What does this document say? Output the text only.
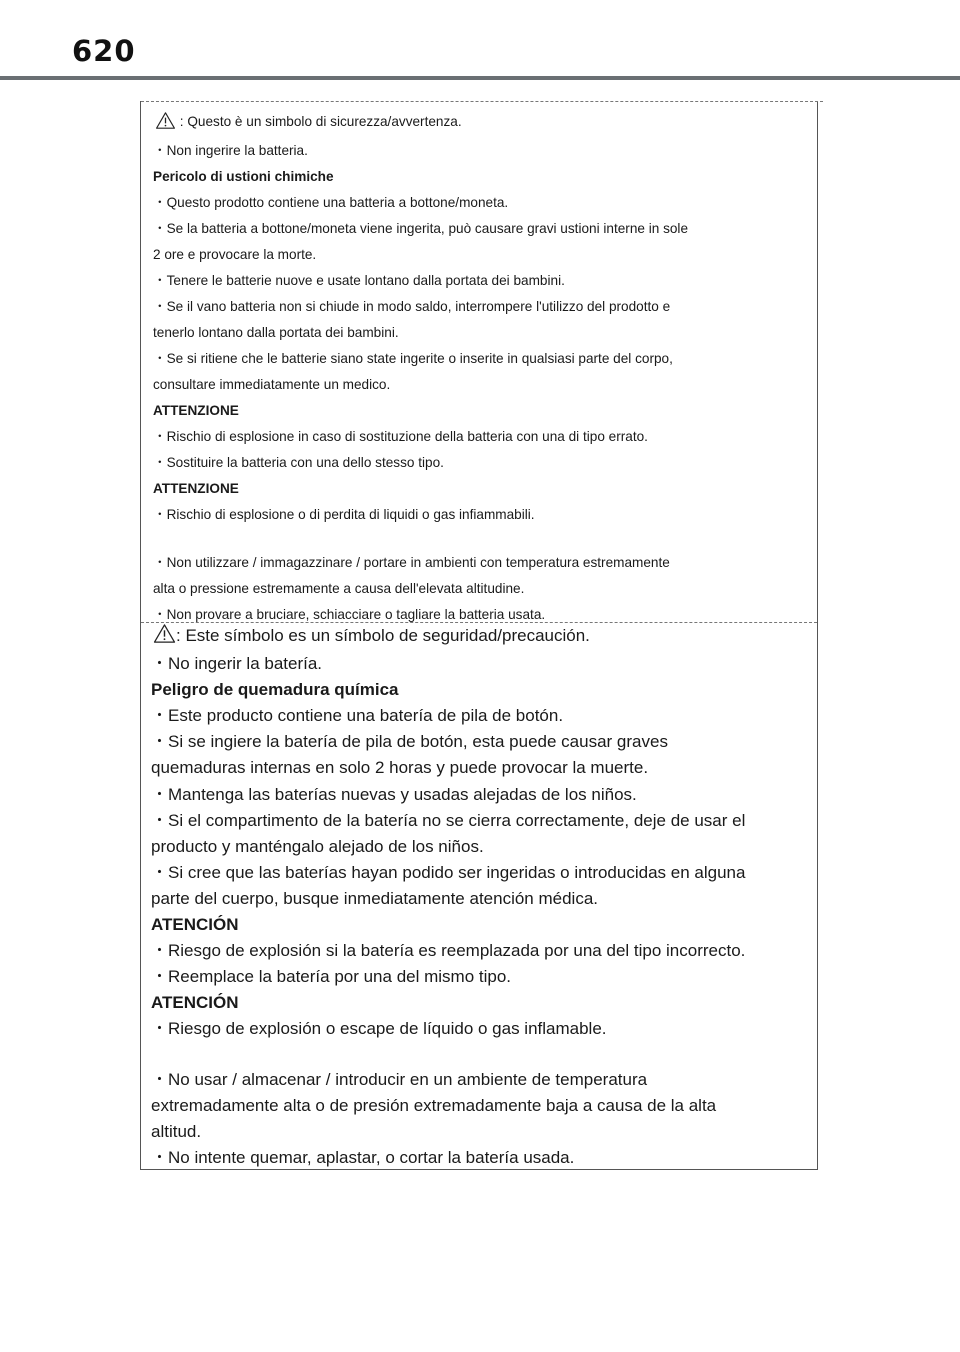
620
: Questo è un simbolo di sicurezza/avvertenza.
・Non ingerire la batteria.
Pericolo di ustioni chimiche
・Questo prodotto contiene una batteria a bottone/moneta.
・Se la batteria a bottone/moneta viene ingerita, può causare gravi ustioni interne in sole
2 ore e provocare la morte.
・Tenere le batterie nuove e usate lontano dalla portata dei bambini.
・Se il vano batteria non si chiude in modo saldo, interrompere l'utilizzo del prodotto e
tenerlo lontano dalla portata dei bambini.
・Se si ritiene che le batterie siano state ingerite o inserite in qualsiasi parte del corpo,
consultare immediatamente un medico.
ATTENZIONE
・Rischio di esplosione in caso di sostituzione della batteria con una di tipo errato.
・Sostituire la batteria con una dello stesso tipo.
ATTENZIONE
・Rischio di esplosione o di perdita di liquidi o gas infiammabili.
・Non utilizzare / immagazzinare / portare in ambienti con temperatura estremamente
alta o pressione estremamente a causa dell'elevata altitudine.
・Non provare a bruciare, schiacciare o tagliare la batteria usata.
: Este símbolo es un símbolo de seguridad/precaución.
・No ingerir la batería.
Peligro de quemadura química
・Este producto contiene una batería de pila de botón.
・Si se ingiere la batería de pila de botón, esta puede causar graves
quemaduras internas en solo 2 horas y puede provocar la muerte.
・Mantenga las baterías nuevas y usadas alejadas de los niños.
・Si el compartimento de la batería no se cierra correctamente, deje de usar el
producto y manténgalo alejado de los niños.
・Si cree que las baterías hayan podido ser ingeridas o introducidas en alguna
parte del cuerpo, busque inmediatamente atención médica.
ATENCIÓN
・Riesgo de explosión si la batería es reemplazada por una del tipo incorrecto.
・Reemplace la batería por una del mismo tipo.
ATENCIÓN
・Riesgo de explosión o escape de líquido o gas inflamable.
・No usar / almacenar / introducir en un ambiente de temperatura
extremadamente alta o de presión extremadamente baja a causa de la alta
altitud.
・No intente quemar, aplastar, o cortar la batería usada.
